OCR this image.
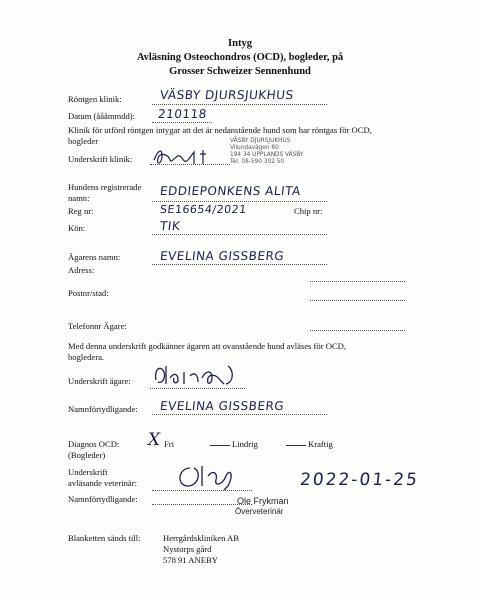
Intyg
Avläsning Osteochondros (OCD), bogleder, på
Grosser Schweizer Sennenhund
Röntgen klinik:	VÄSBY DJURSJUKHUS
Datum (åååmmdd): 210118
Klinik för utförd röntgen intygar att det är nedanstående hund som har röntgas för OCD,
bogleder
Underskrift klinik:
VÄSBY DJURSJUKHUS
Vilundavägen 80
194 34 UPPLANDS VÄSBY
Tel. 08-590 302 50
Hundens registrerade
namn:	EDDIEPONKENS ALITA
Reg nr:	SE16654/2021	Chip nr:
Kön:	TIK
Ägarens namn:	EVELINA GISSBERG
Adress:
Postnr/stad:
Telefonnr Ägare:
Med denna underskrift godkänner ägaren att ovanstående hund avläses för OCD,
bogledera.
Underskrift ägare:
Namnförtydligande: EVELINA GISSBERG
Diagnos OCD:
(Bogleder)
X Fri	Lindrig	Kraftig
Underskrift
avläsande veterinär:	2022-01-25
Namnförtydligande:	Ole Frykman
Överveterinär
Blanketten sänds till:	Herrgårdskliniken AB
Nystorps gård
578 91 ANEBY
